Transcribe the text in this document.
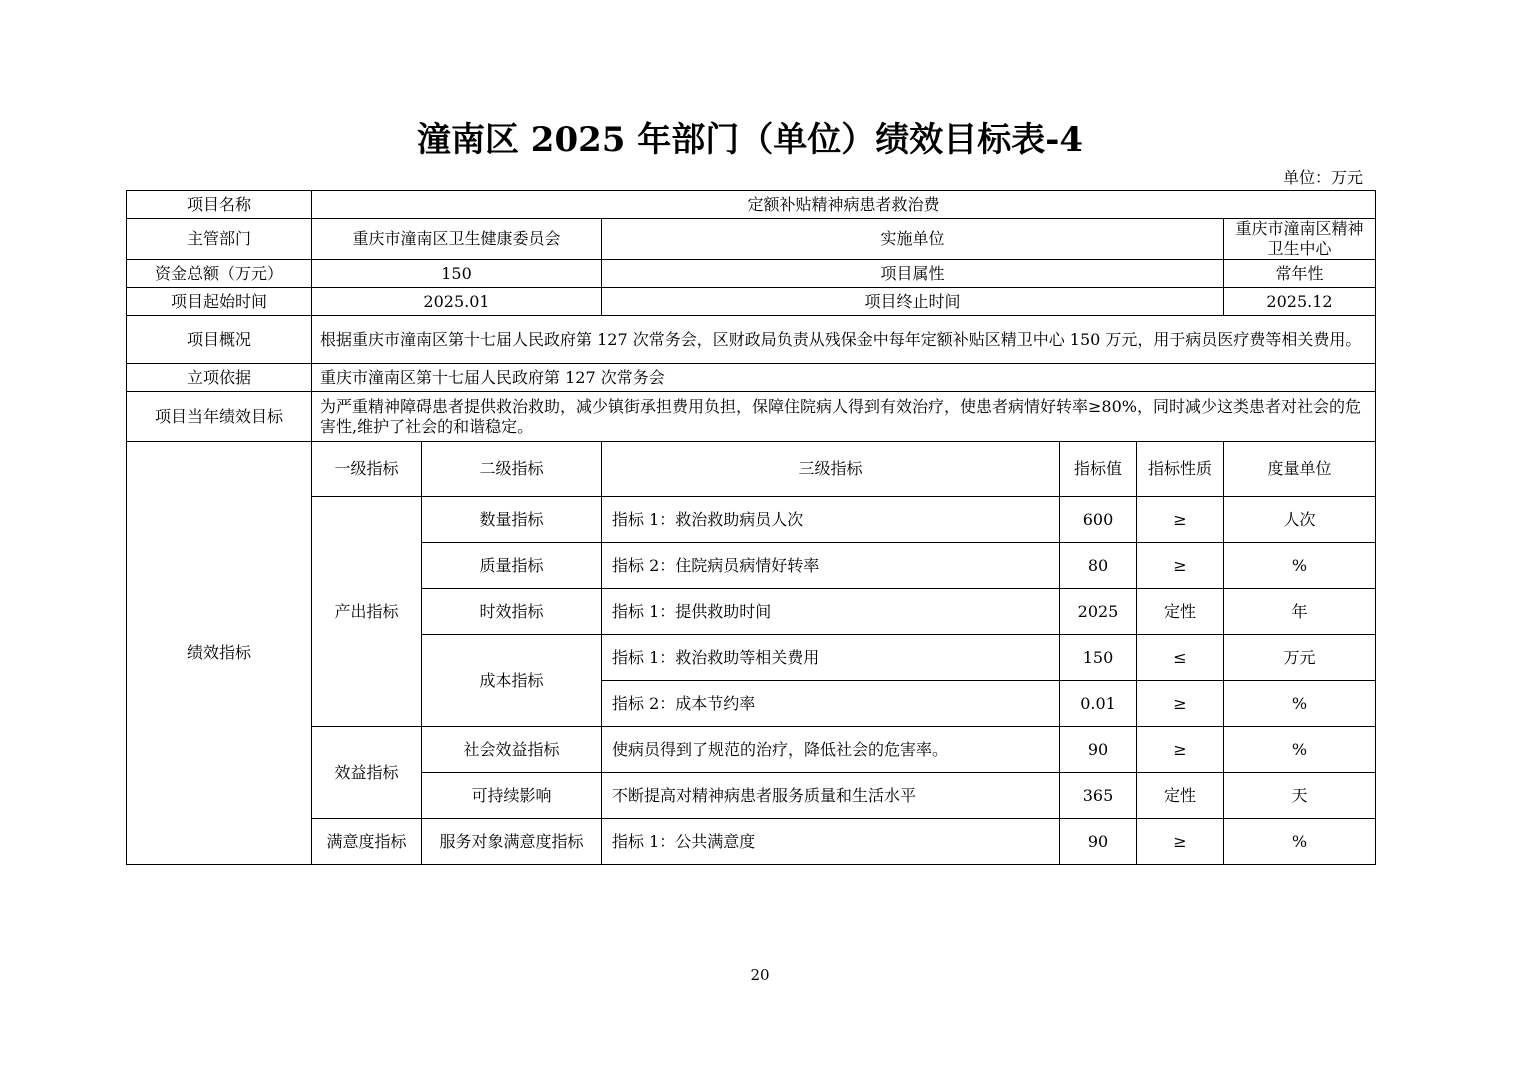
潼南区 2025 年部门（单位）绩效目标表-4
单位：万元
项目名称	定额补贴精神病患者救治费					
主管部门	重庆市潼南区卫生健康委员会		实施单位			重庆市潼南区精神卫生中心
资金总额（万元）	150		项目属性			常年性
项目起始时间	2025.01		项目终止时间			2025.12
项目概况	根据重庆市潼南区第十七届人民政府第 127 次常务会，区财政局负责从残保金中每年定额补贴区精卫中心 150 万元，用于病员医疗费等相关费用。					
立项依据	重庆市潼南区第十七届人民政府第 127 次常务会					
项目当年绩效目标	为严重精神障碍患者提供救治救助，减少镇街承担费用负担，保障住院病人得到有效治疗，使患者病情好转率≥80%，同时减少这类患者对社会的危害性,维护了社会的和谐稳定。					
绩效指标	一级指标	二级指标	三级指标	指标值	指标性质	度量单位
	产出指标	数量指标	指标 1：救治救助病员人次	600	≥	人次
		质量指标	指标 2：住院病员病情好转率	80	≥	%
		时效指标	指标 1：提供救助时间	2025	定性	年
		成本指标	指标 1：救治救助等相关费用	150	≤	万元
			指标 2：成本节约率	0.01	≥	%
	效益指标	社会效益指标	使病员得到了规范的治疗，降低社会的危害率。	90	≥	%
		可持续影响	不断提高对精神病患者服务质量和生活水平	365	定性	天
	满意度指标	服务对象满意度指标	指标 1：公共满意度	90	≥	%
20
